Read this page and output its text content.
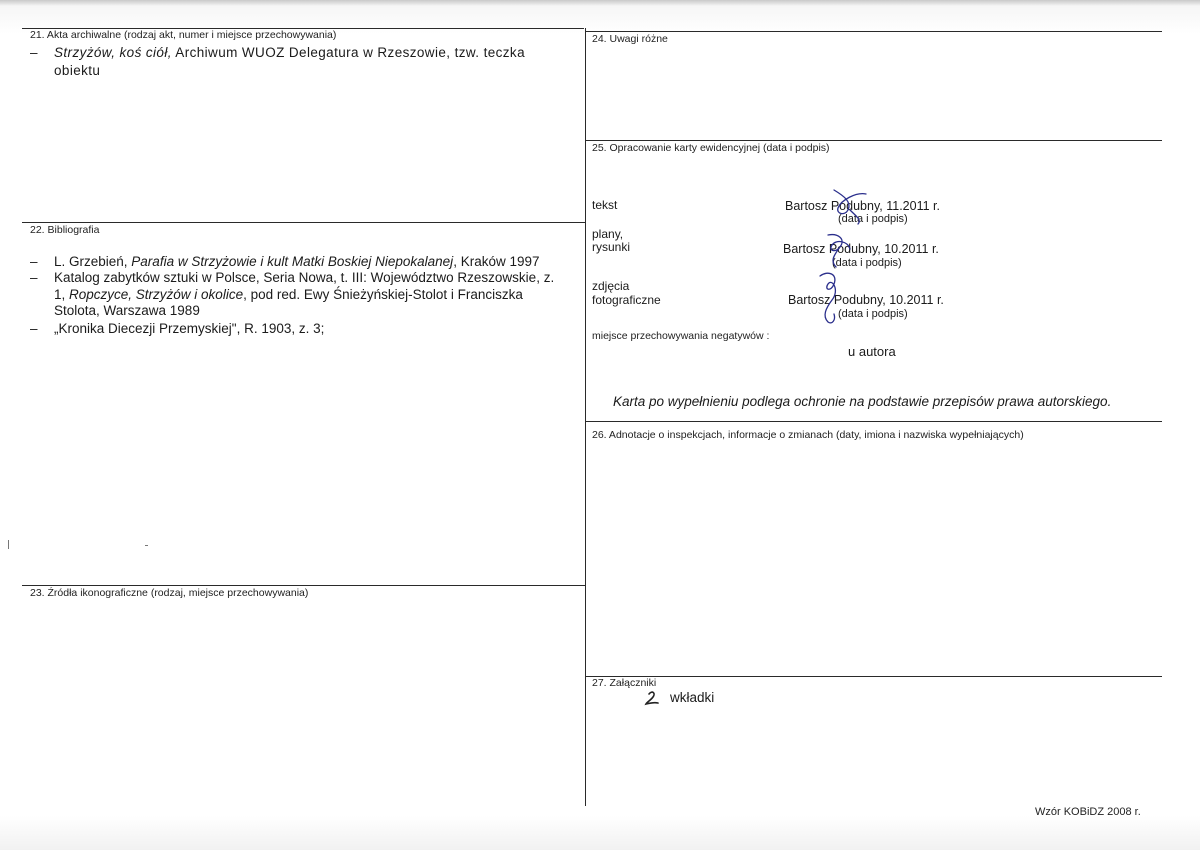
21. Akta archiwalne (rodzaj akt, numer i miejsce przechowywania)
– Strzyżów, koś ciół, Archiwum WUOZ Delegatura w Rzeszowie, tzw. teczka
obiektu
22. Bibliografia
– L. Grzebień, Parafia w Strzyżowie i kult Matki Boskiej Niepokalanej, Kraków 1997
– Katalog zabytków sztuki w Polsce, Seria Nowa, t. III: Województwo Rzeszowskie, z.
1, Ropczyce, Strzyżów i okolice, pod red. Ewy Śnieżyńskiej-Stolot i Franciszka
Stolota, Warszawa 1989
– „Kronika Diecezji Przemyskiej", R. 1903, z. 3;
23. Źródła ikonograficzne (rodzaj, miejsce przechowywania)
24. Uwagi różne
25. Opracowanie karty ewidencyjnej (data i podpis)
tekst	Bartosz Podubny, 11.2011 r.
(data i podpis)
plany,
rysunki	Bartosz Podubny, 10.2011 r.
(data i podpis)
zdjęcia
fotograficzne	Bartosz Podubny, 10.2011 r.
(data i podpis)
miejsce przechowywania negatywów :
u autora
Karta po wypełnieniu podlega ochronie na podstawie przepisów prawa autorskiego.
26. Adnotacje o inspekcjach, informacje o zmianach (daty, imiona i nazwiska wypełniających)
27. Załączniki
wkładki
Wzór KOBiDZ 2008 r.
